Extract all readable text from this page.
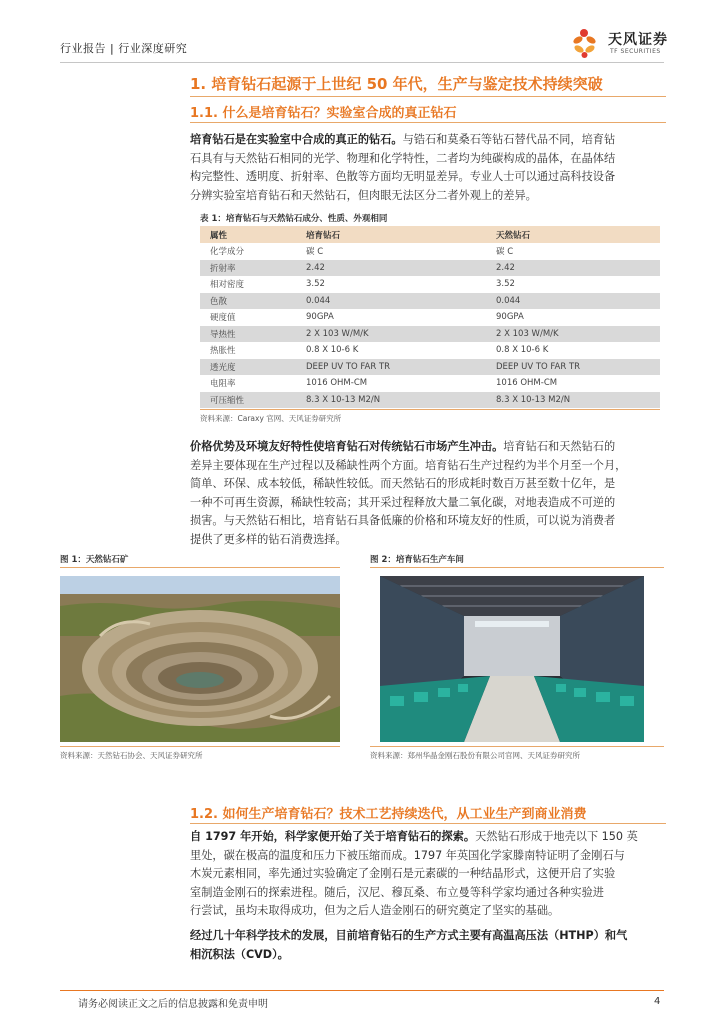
行业报告 | 行业深度研究
天风证券
TF SECURITIES
1. 培育钻石起源于上世纪 50 年代，生产与鉴定技术持续突破
1.1. 什么是培育钻石？实验室合成的真正钻石
培育钻石是在实验室中合成的真正的钻石。与锆石和莫桑石等钻石替代品不同，培育钻
石具有与天然钻石相同的光学、物理和化学特性，二者均为纯碳构成的晶体，在晶体结
构完整性、透明度、折射率、色散等方面均无明显差异。专业人士可以通过高科技设备
分辨实验室培育钻石和天然钻石，但肉眼无法区分二者外观上的差异。
表 1：培育钻石与天然钻石成分、性质、外观相同
属性	培育钻石	天然钻石
化学成分	碳 C	碳 C
折射率	2.42	2.42
相对密度	3.52	3.52
色散	0.044	0.044
硬度值	90GPA	90GPA
导热性	2 X 103 W/M/K	2 X 103 W/M/K
热胀性	0.8 X 10-6 K	0.8 X 10-6 K
透光度	DEEP UV TO FAR TR	DEEP UV TO FAR TR
电阻率	1016 OHM-CM	1016 OHM-CM
可压缩性	8.3 X 10-13 M2/N	8.3 X 10-13 M2/N
资料来源：Caraxy 官网、天风证券研究所
价格优势及环境友好特性使培育钻石对传统钻石市场产生冲击。培育钻石和天然钻石的
差异主要体现在生产过程以及稀缺性两个方面。培育钻石生产过程约为半个月至一个月，
简单、环保、成本较低，稀缺性较低。而天然钻石的形成耗时数百万甚至数十亿年，是
一种不可再生资源，稀缺性较高；其开采过程释放大量二氧化碳，对地表造成不可逆的
损害。与天然钻石相比，培育钻石具备低廉的价格和环境友好的性质，可以说为消费者
提供了更多样的钻石消费选择。
图 1：天然钻石矿
资料来源：天然钻石协会、天风证券研究所
图 2：培育钻石生产车间
资料来源：郑州华晶金刚石股份有限公司官网、天风证券研究所
1.2. 如何生产培育钻石？技术工艺持续迭代，从工业生产到商业消费
自 1797 年开始，科学家便开始了关于培育钻石的探索。天然钻石形成于地壳以下 150 英
里处，碳在极高的温度和压力下被压缩而成。1797 年英国化学家滕南特证明了金刚石与
木炭元素相同，率先通过实验确定了金刚石是元素碳的一种结晶形式，这便开启了实验
室制造金刚石的探索进程。随后，汉尼、穆瓦桑、布立曼等科学家均通过各种实验进
行尝试，虽均未取得成功，但为之后人造金刚石的研究奠定了坚实的基础。
经过几十年科学技术的发展，目前培育钻石的生产方式主要有高温高压法（HTHP）和气
相沉积法（CVD）。
请务必阅读正文之后的信息披露和免责申明	4
